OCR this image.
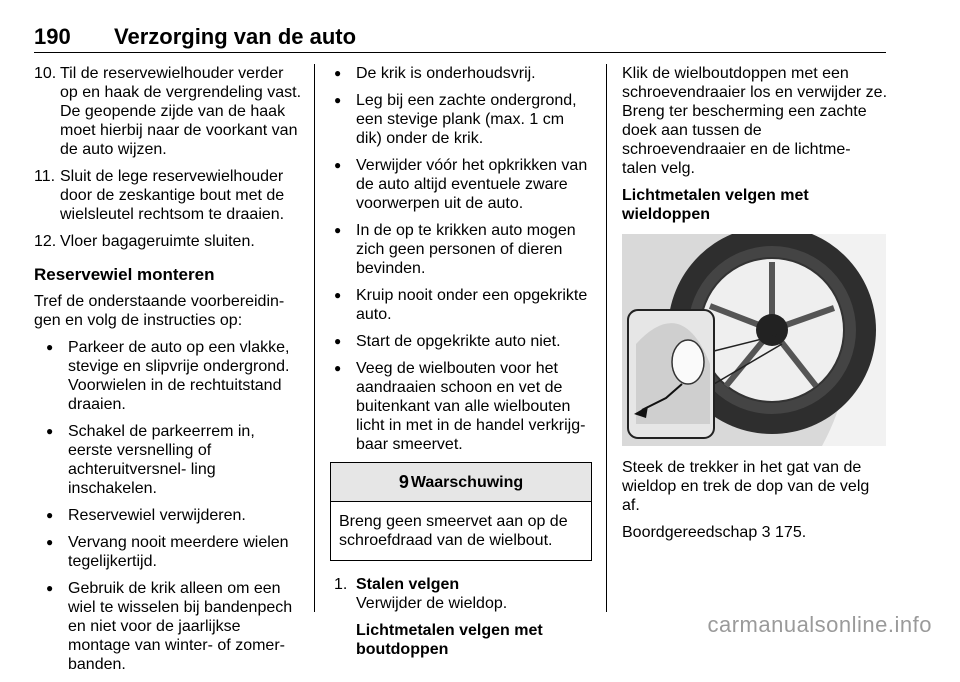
190 Verzorging van de auto
10. Til de reservewielhouder verder op en haak de vergrendeling vast. De geopende zijde van de haak moet hierbij naar de voorkant van de auto wijzen.
11. Sluit de lege reservewielhouder door de zeskantige bout met de wielsleutel rechtsom te draaien.
12. Vloer bagageruimte sluiten.
Reservewiel monteren

Tref de onderstaande voorbereidin- gen en volg de instructies op:

● Parkeer de auto op een vlakke, stevige en slipvrije ondergrond. Voorwielen in de rechtuitstand draaien.
● Schakel de parkeerrem in, eerste versnelling of achteruitversnel- ling inschakelen.
● Reservewiel verwijderen.
● Vervang nooit meerdere wielen tegelijkertijd.
● Gebruik de krik alleen om een wiel te wisselen bij bandenpech en niet voor de jaarlijkse montage van winter- of zomer- banden.
● De krik is onderhoudsvrij.
● Leg bij een zachte ondergrond, een stevige plank (max. 1 cm dik) onder de krik.
● Verwijder vóór het opkrikken van de auto altijd eventuele zware voorwerpen uit de auto.
● In de op te krikken auto mogen zich geen personen of dieren bevinden.
● Kruip nooit onder een opgekrikte auto.
● Start de opgekrikte auto niet.
● Veeg de wielbouten voor het aandraaien schoon en vet de buitenkant van alle wielbouten licht in met in de handel verkrijg- baar smeervet.
9 Waarschuwing
Breng geen smeervet aan op de schroefdraad van de wielbout.
1. Stalen velgen

Verwijder de wieldop.

Lichtmetalen velgen met boutdoppen

Klik de wielboutdoppen met een schroevendraaier los en verwijder ze. Breng ter bescherming een zachte doek aan tussen de schroevendraaier en de lichtme- talen velg.

Lichtmetalen velgen met wieldoppen

Steek de trekker in het gat van de wieldop en trek de dop van de velg af.

Boordgereedschap 3 175.

carmanualsonline.info
